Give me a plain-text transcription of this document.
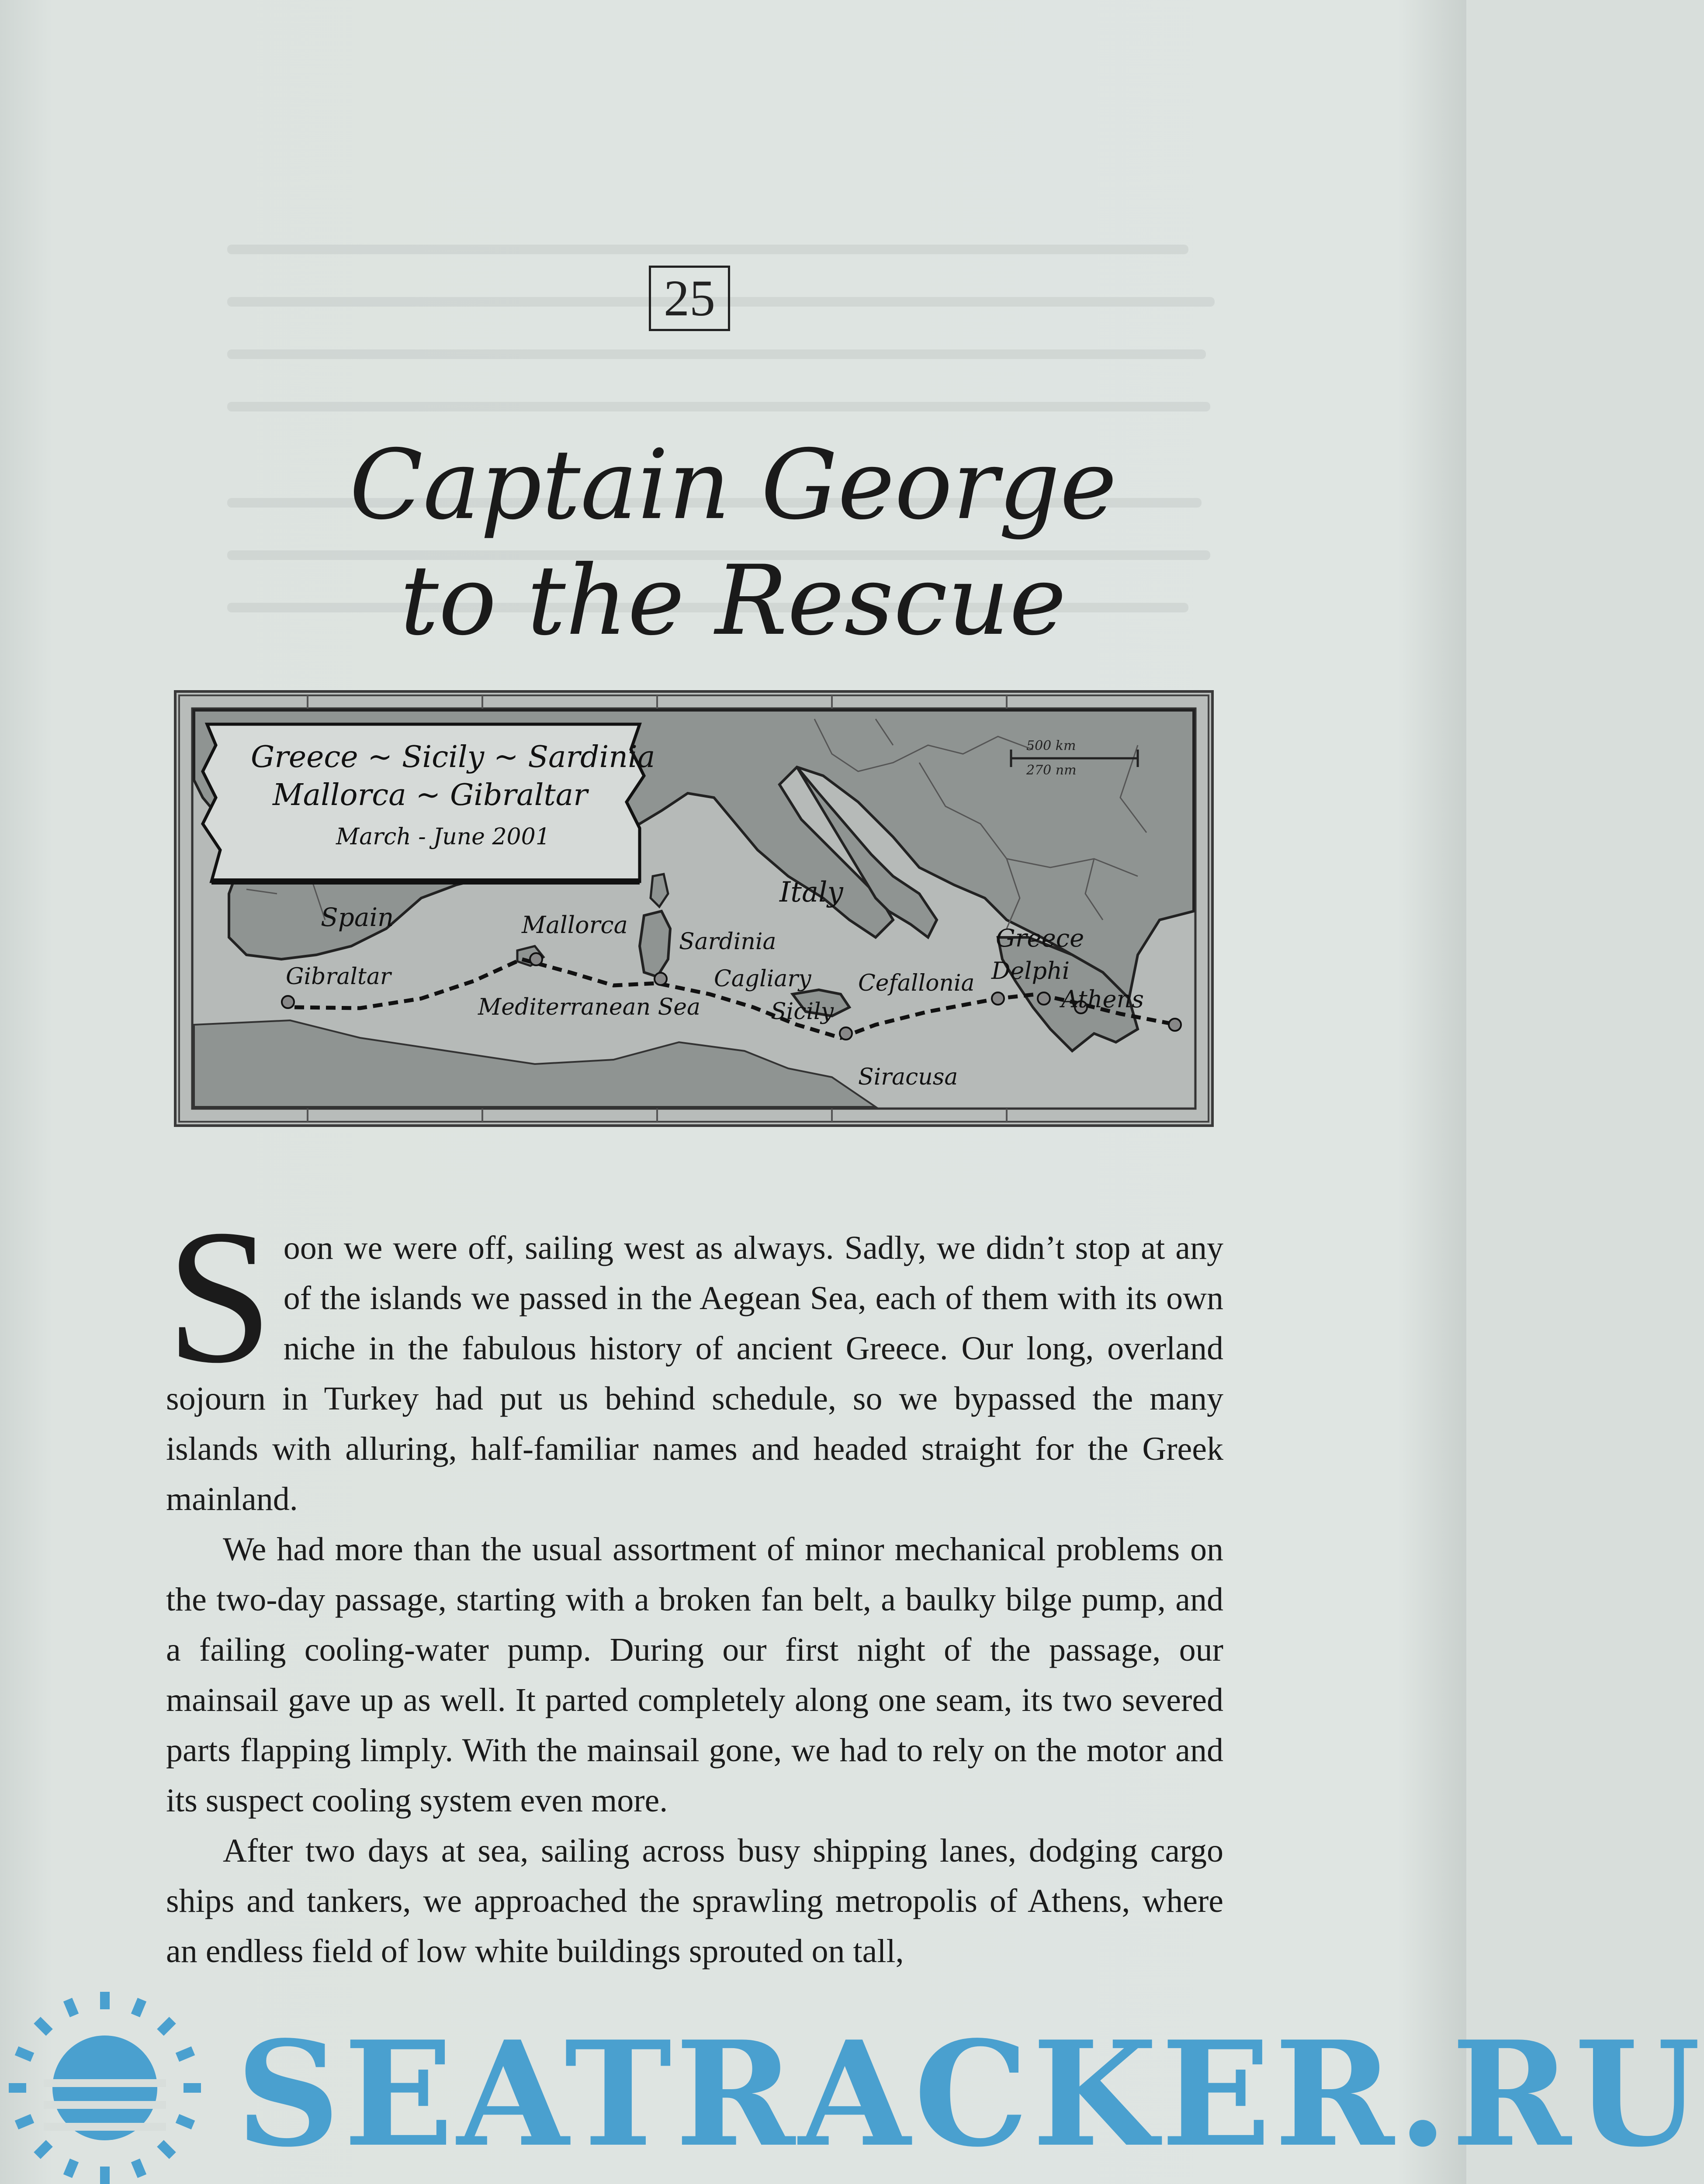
25
Captain George
to the Rescue
Greece ~ Sicily ~ Sardinia
Mallorca ~ Gibraltar
March - June 2001
500 km
270 nm
Spain	Mallorca
Sardinia
Italy
Greece
Delphi
Athens
Cefallonia
Cagliary
Sicily
Gibraltar
Mediterranean Sea
Siracusa

Soon we were off, sailing west as always. Sadly, we didn’t stop at any of the islands we passed in the Aegean Sea, each of them with its own niche in the fabulous history of ancient Greece. Our long, overland sojourn in Turkey had put us behind schedule, so we bypassed the many islands with alluring, half-familiar names and headed straight for the Greek mainland.

We had more than the usual assortment of minor mechanical problems on the two-day passage, starting with a broken fan belt, a baulky bilge pump, and a failing cooling-water pump. During our first night of the passage, our mainsail gave up as well. It parted completely along one seam, its two severed parts flapping limply. With the mainsail gone, we had to rely on the motor and its suspect cooling system even more.

After two days at sea, sailing across busy shipping lanes, dodging cargo ships and tankers, we approached the sprawling metropolis of Athens, where an endless field of low white buildings sprouted on tall,

SEATRACKER.RU
